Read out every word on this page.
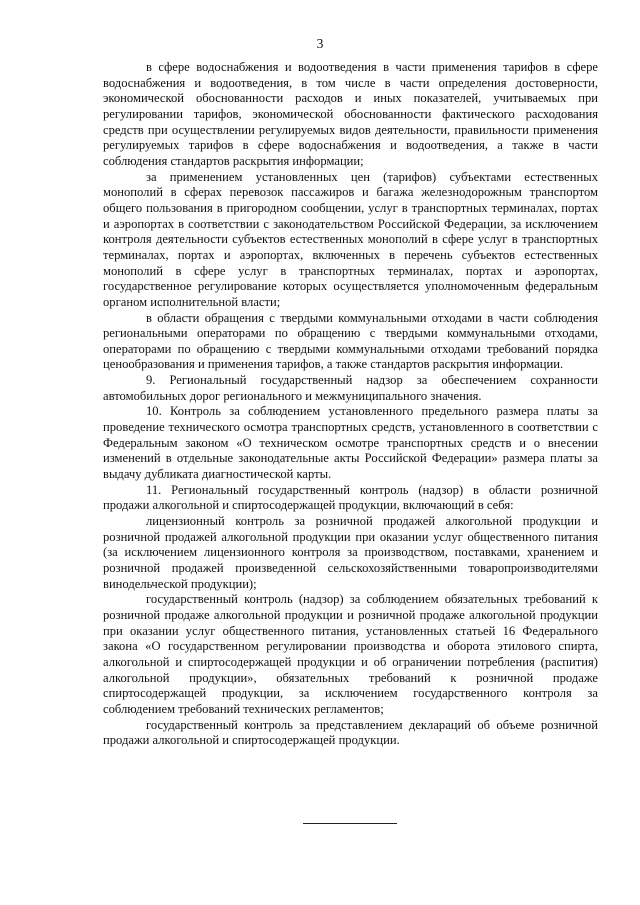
3

в сфере водоснабжения и водоотведения в части применения тарифов в сфере водоснабжения и водоотведения, в том числе в части определения достоверности, экономической обоснованности расходов и иных показателей, учитываемых при регулировании тарифов, экономической обоснованности фактического расходования средств при осуществлении регулируемых видов деятельности, правильности применения регулируемых тарифов в сфере водоснабжения и водоотведения, а также в части соблюдения стандартов раскрытия информации;

за применением установленных цен (тарифов) субъектами естественных монополий в сферах перевозок пассажиров и багажа железнодорожным транспортом общего пользования в пригородном сообщении, услуг в транспортных терминалах, портах и аэропортах в соответствии с законодательством Российской Федерации, за исключением контроля деятельности субъектов естественных монополий в сфере услуг в транспортных терминалах, портах и аэропортах, включенных в перечень субъектов естественных монополий в сфере услуг в транспортных терминалах, портах и аэропортах, государственное регулирование которых осуществляется уполномоченным федеральным органом исполнительной власти;

в области обращения с твердыми коммунальными отходами в части соблюдения региональными операторами по обращению с твердыми коммунальными отходами, операторами по обращению с твердыми коммунальными отходами требований порядка ценообразования и применения тарифов, а также стандартов раскрытия информации.

9. Региональный государственный надзор за обеспечением сохранности автомобильных дорог регионального и межмуниципального значения.

10. Контроль за соблюдением установленного предельного размера платы за проведение технического осмотра транспортных средств, установленного в соответствии с Федеральным законом «О техническом осмотре транспортных средств и о внесении изменений в отдельные законодательные акты Российской Федерации» размера платы за выдачу дубликата диагностической карты.

11. Региональный государственный контроль (надзор) в области розничной продажи алкогольной и спиртосодержащей продукции, включающий в себя:

лицензионный контроль за розничной продажей алкогольной продукции и розничной продажей алкогольной продукции при оказании услуг общественного питания (за исключением лицензионного контроля за производством, поставками, хранением и розничной продажей произведенной сельскохозяйственными товаропроизводителями винодельческой продукции);

государственный контроль (надзор) за соблюдением обязательных требований к розничной продаже алкогольной продукции и розничной продаже алкогольной продукции при оказании услуг общественного питания, установленных статьей 16 Федерального закона «О государственном регулировании производства и оборота этилового спирта, алкогольной и спиртосодержащей продукции и об ограничении потребления (распития) алкогольной продукции», обязательных требований к розничной продаже спиртосодержащей продукции, за исключением государственного контроля за соблюдением требований технических регламентов;

государственный контроль за представлением деклараций об объеме розничной продажи алкогольной и спиртосодержащей продукции.
